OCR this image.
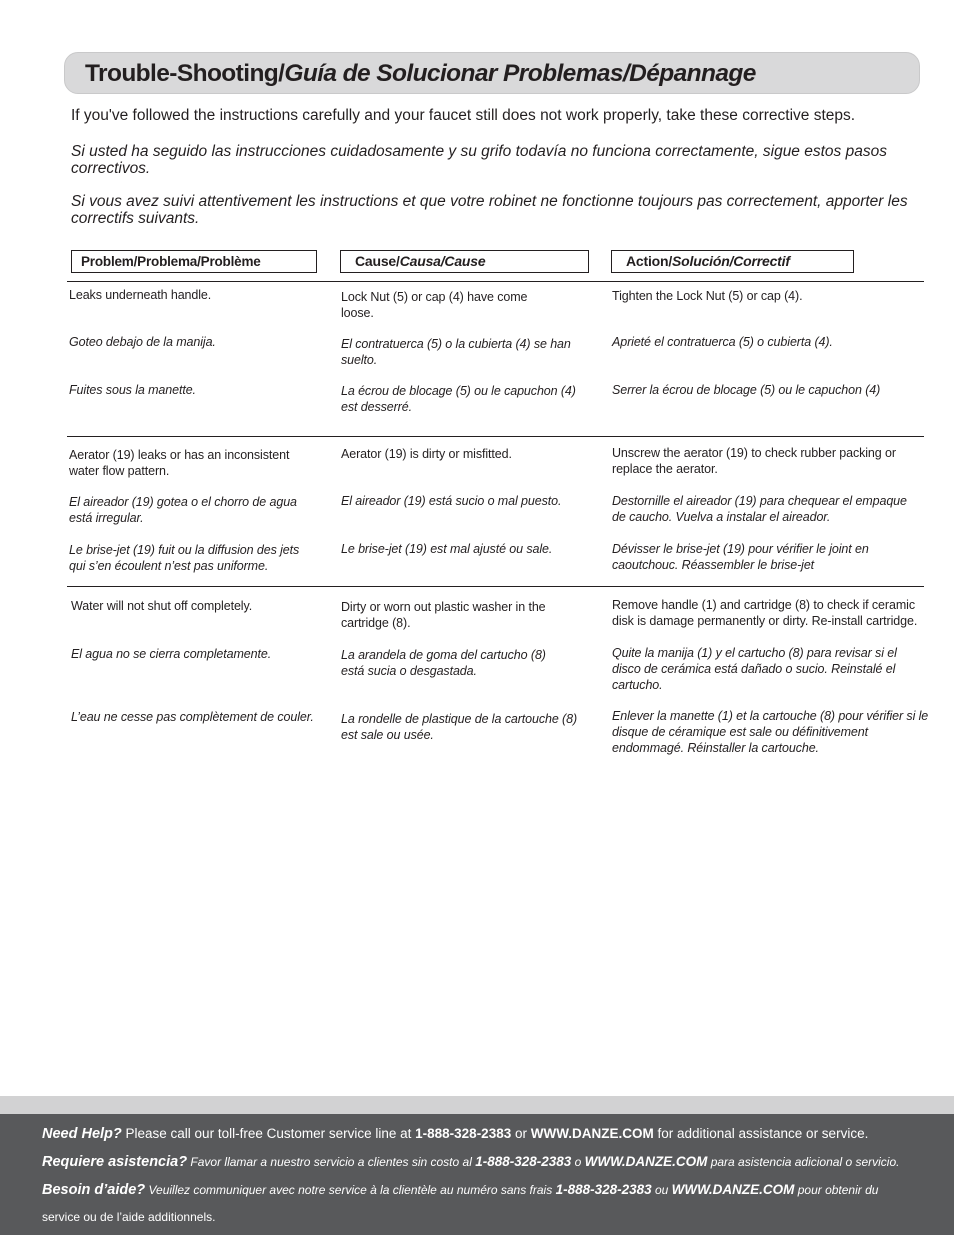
Trouble-Shooting/Guía de Solucionar Problemas/Dépannage

If you've followed the instructions carefully and your faucet still does not work properly, take these corrective steps.

Si usted ha seguido las instrucciones cuidadosamente y su grifo todavía no funciona correctamente, sigue estos pasos correctivos.

Si vous avez suivi attentivement les instructions et que votre robinet ne fonctionne toujours pas correctement, apporter les correctifs suivants.

Problem/Problema/Problème	Cause/Causa/Cause	Action/Solución/Correctif

Leaks underneath handle.

Goteo debajo de la manija.

Fuites sous la manette.

Lock Nut (5) or cap (4) have come loose.

El contratuerca (5) o la cubierta (4) se han suelto.

La écrou de blocage (5) ou le capuchon (4) est desserré.

Tighten the Lock Nut (5) or cap (4).

Aprieté el contratuerca (5) o cubierta (4).

Serrer la écrou de blocage (5) ou le capuchon (4)

Aerator (19) leaks or has an inconsistent water flow pattern.

El aireador (19) gotea o el chorro de agua está irregular.

Le brise-jet (19) fuit ou la diffusion des jets qui s’en écoulent n’est pas uniforme.

Aerator (19) is dirty or misfitted.

El aireador (19) está sucio o mal puesto.

Le brise-jet (19) est mal ajusté ou sale.

Unscrew the aerator (19) to check rubber packing or replace the aerator.

Destornille el aireador (19) para chequear el empaque de caucho. Vuelva a instalar el aireador.

Dévisser le brise-jet (19) pour vérifier le joint en caoutchouc. Réassembler le brise-jet

Water will not shut off completely.

El agua no se cierra completamente.

L’eau ne cesse pas complètement de couler.

Dirty or worn out plastic washer in the cartridge (8).

La arandela de goma del cartucho (8) está sucia o desgastada.

La rondelle de plastique de la cartouche (8) est sale ou usée.

Remove handle (1) and cartridge (8) to check if ceramic disk is damage permanently or dirty. Re-install cartridge.

Quite la manija (1) y el cartucho (8) para revisar si el disco de cerámica está dañado o sucio. Reinstalé el cartucho.

Enlever la manette (1) et la cartouche (8) pour vérifier si le disque de céramique est sale ou définitivement endommagé. Réinstaller la cartouche.

Need Help? Please call our toll-free Customer service line at 1-888-328-2383 or WWW.DANZE.COM for additional assistance or service.

Requiere asistencia? Favor llamar a nuestro servicio a clientes sin costo al 1-888-328-2383 o WWW.DANZE.COM para asistencia adicional o servicio.

Besoin d’aide? Veuillez communiquer avec notre service à la clientèle au numéro sans frais 1-888-328-2383 ou WWW.DANZE.COM pour obtenir du

service ou de l’aide additionnels.
